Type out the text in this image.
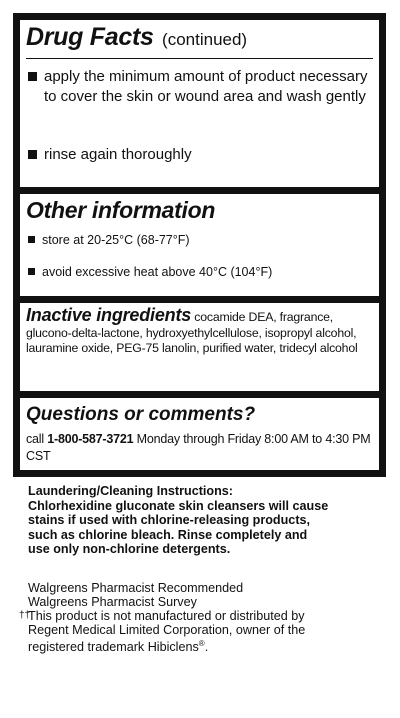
Drug Facts (continued)
apply the minimum amount of product necessary to cover the skin or wound area and wash gently
rinse again thoroughly
Other information
store at 20-25°C (68-77°F)
avoid excessive heat above 40°C (104°F)
Inactive ingredients cocamide DEA, fragrance, glucono-delta-lactone, hydroxyethylcellulose, isopropyl alcohol, lauramine oxide, PEG-75 lanolin, purified water, tridecyl alcohol
Questions or comments?
call 1-800-587-3721 Monday through Friday 8:00 AM to 4:30 PM CST
Laundering/Cleaning Instructions:
Chlorhexidine gluconate skin cleansers will cause
stains if used with chlorine-releasing products,
such as chlorine bleach. Rinse completely and
use only non-chlorine detergents.
Walgreens Pharmacist Recommended
Walgreens Pharmacist Survey
††This product is not manufactured or distributed by
Regent Medical Limited Corporation, owner of the
registered trademark Hibiclens®.
